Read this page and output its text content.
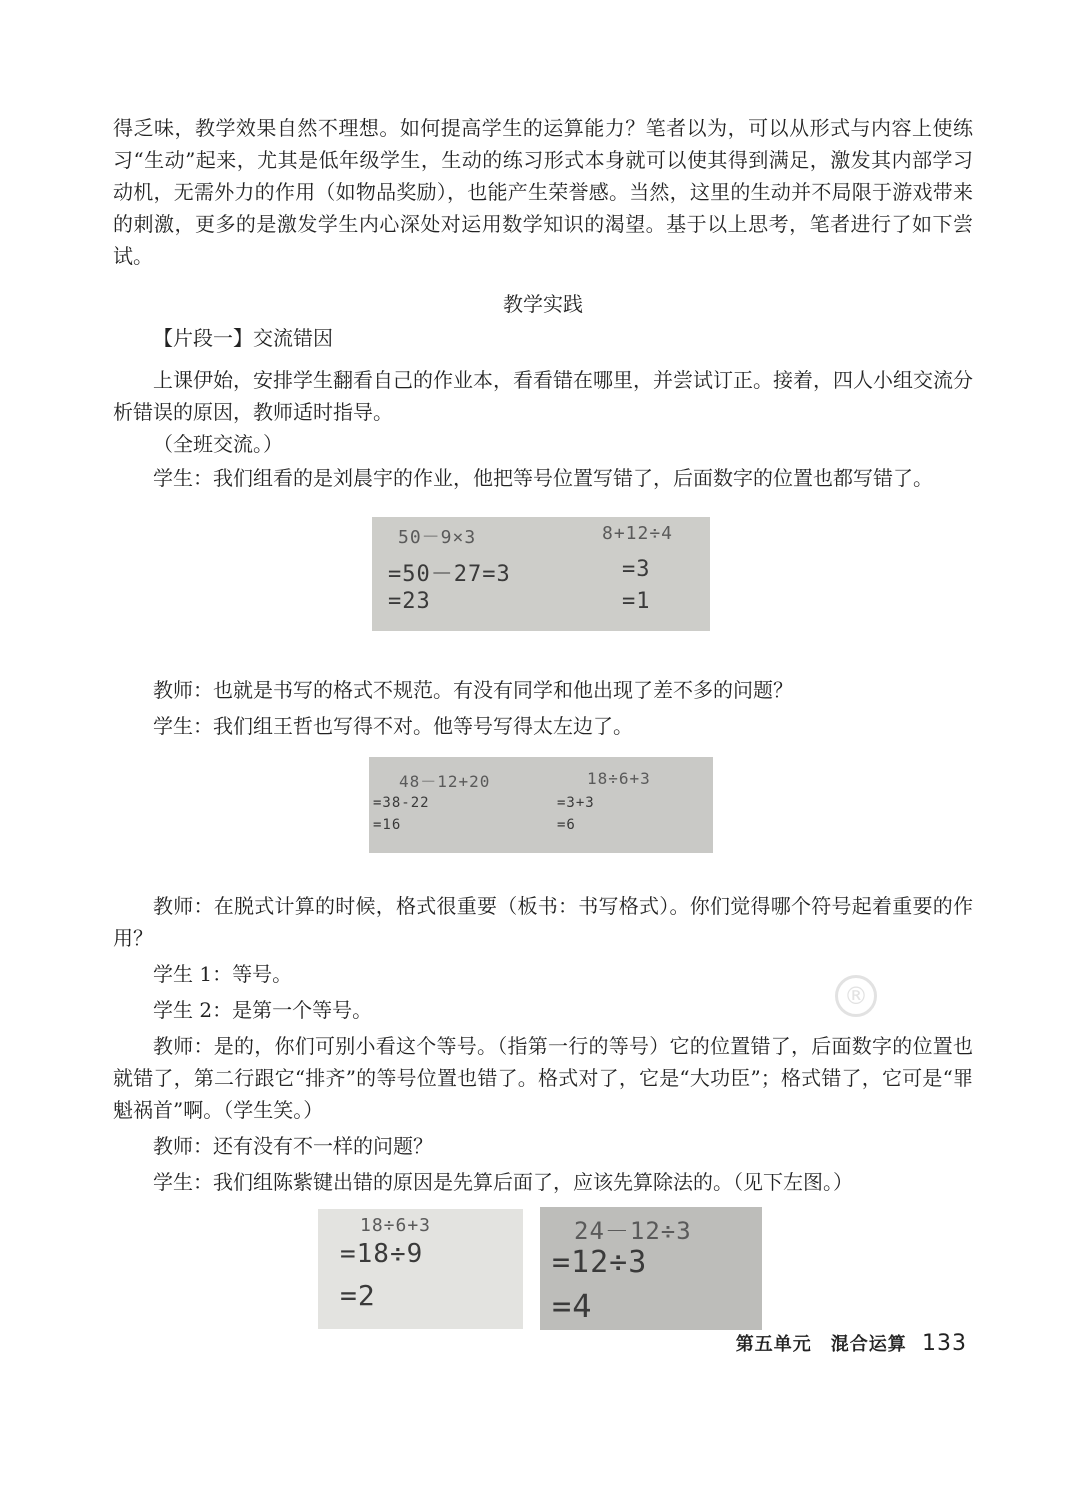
得乏味，教学效果自然不理想。如何提高学生的运算能力？笔者以为，可以从形式与内容上使练习“生动”起来，尤其是低年级学生，生动的练习形式本身就可以使其得到满足，激发其内部学习动机，无需外力的作用（如物品奖励），也能产生荣誉感。当然，这里的生动并不局限于游戏带来的刺激，更多的是激发学生内心深处对运用数学知识的渴望。基于以上思考，笔者进行了如下尝试。

教学实践

【片段一】交流错因

上课伊始，安排学生翻看自己的作业本，看看错在哪里，并尝试订正。接着，四人小组交流分析错误的原因，教师适时指导。

（全班交流。）

学生：我们组看的是刘晨宇的作业，他把等号位置写错了，后面数字的位置也都写错了。

50－9×3
=50－27=3
=23
8+12÷4
=3
=1

教师：也就是书写的格式不规范。有没有同学和他出现了差不多的问题？

学生：我们组王哲也写得不对。他等号写得太左边了。

48－12+20
=38-22
=16
18÷6+3
=3+3
=6

教师：在脱式计算的时候，格式很重要（板书：书写格式）。你们觉得哪个符号起着重要的作用？

学生 1：等号。

学生 2：是第一个等号。

教师：是的，你们可别小看这个等号。（指第一行的等号）它的位置错了，后面数字的位置也就错了，第二行跟它“排齐”的等号位置也错了。格式对了，它是“大功臣”；格式错了，它可是“罪魁祸首”啊。（学生笑。）

教师：还有没有不一样的问题？

学生：我们组陈紫键出错的原因是先算后面了，应该先算除法的。（见下左图。）

18÷6+3
=18÷9
=2
24－12÷3
=12÷3
=4
®
第五单元　混合运算 133
